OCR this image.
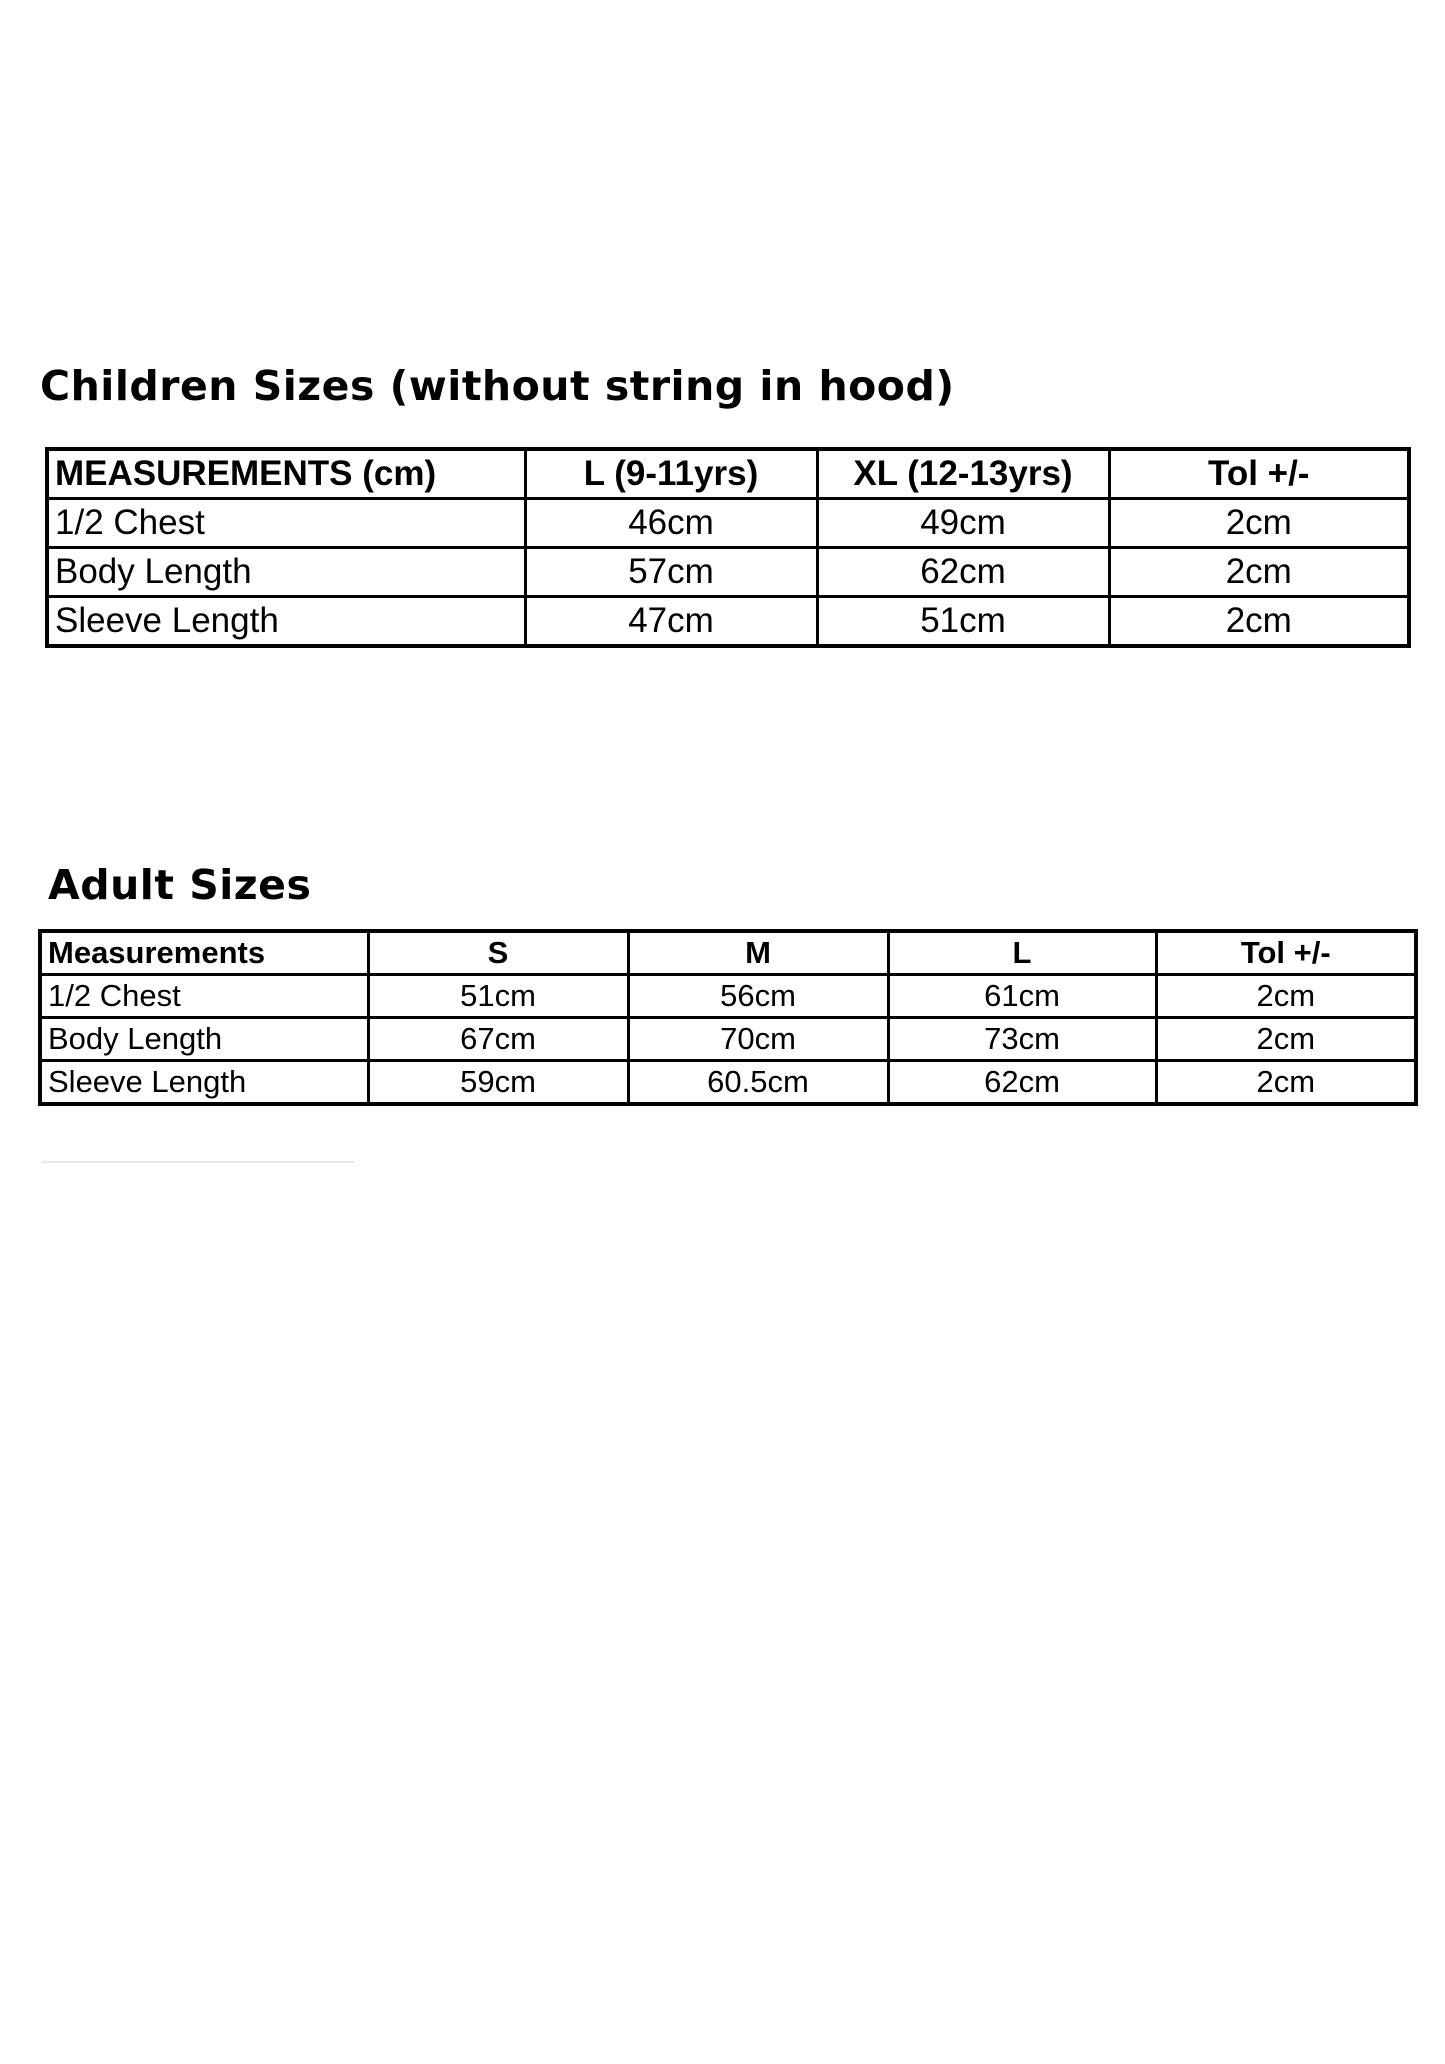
Children Sizes (without string in hood)
MEASUREMENTS (cm)	L (9-11yrs)	XL (12-13yrs)	Tol +/-
1/2 Chest	46cm	49cm	2cm
Body Length	57cm	62cm	2cm
Sleeve Length	47cm	51cm	2cm
Adult Sizes
Measurements	S	M	L	Tol +/-
1/2 Chest	51cm	56cm	61cm	2cm
Body Length	67cm	70cm	73cm	2cm
Sleeve Length	59cm	60.5cm	62cm	2cm
